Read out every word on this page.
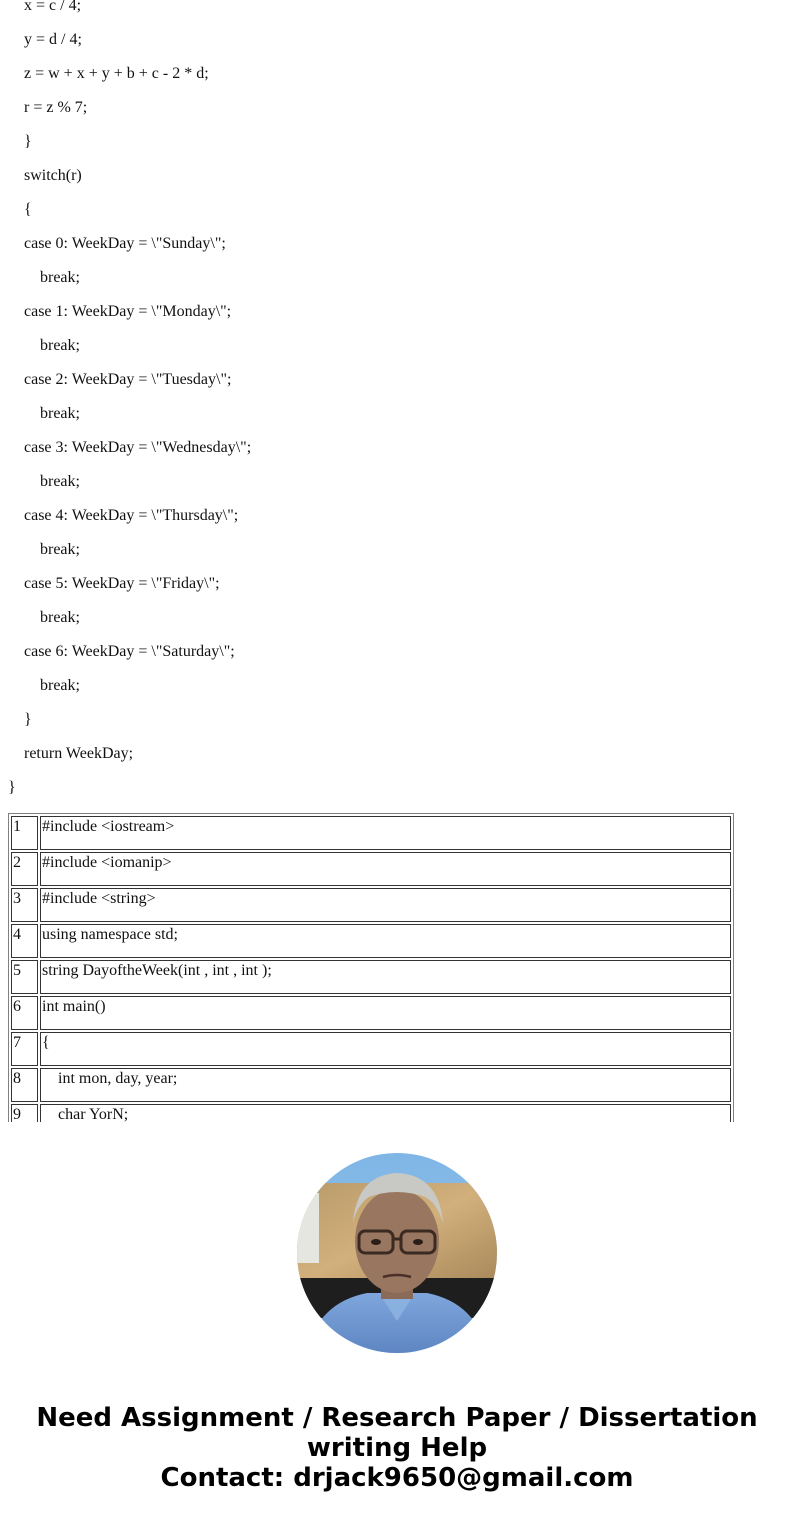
x = c / 4;
y = d / 4;
z = w + x + y + b + c - 2 * d;
r = z % 7;
}
switch(r)
{
case 0: WeekDay = \"Sunday\";
break;
case 1: WeekDay = \"Monday\";
break;
case 2: WeekDay = \"Tuesday\";
break;
case 3: WeekDay = \"Wednesday\";
break;
case 4: WeekDay = \"Thursday\";
break;
case 5: WeekDay = \"Friday\";
break;
case 6: WeekDay = \"Saturday\";
break;
}
return WeekDay;
}
1	#include <iostream>
2	#include <iomanip>
3	#include <string>
4	using namespace std;
5	string DayoftheWeek(int , int , int );
6	int main()
7	{
8	int mon, day, year;
9	char YorN;

Need Assignment / Research Paper / Dissertation
writing Help
Contact: drjack9650@gmail.com
